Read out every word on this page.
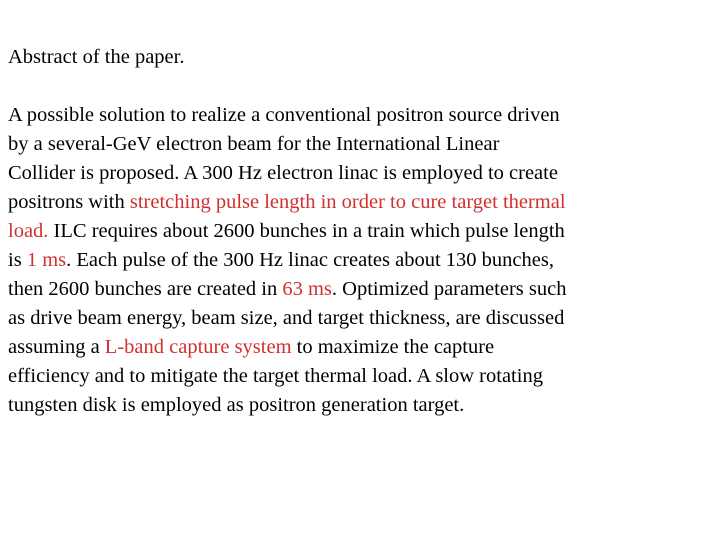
Abstract of the paper.
A possible solution to realize a conventional positron source driven
by a several-GeV electron beam for the International Linear
Collider is proposed. A 300 Hz electron linac is employed to create
positrons with stretching pulse length in order to cure target thermal
load. ILC requires about 2600 bunches in a train which pulse length
is 1 ms. Each pulse of the 300 Hz linac creates about 130 bunches,
then 2600 bunches are created in 63 ms. Optimized parameters such
as drive beam energy, beam size, and target thickness, are discussed
assuming a L-band capture system to maximize the capture
efficiency and to mitigate the target thermal load. A slow rotating
tungsten disk is employed as positron generation target.
